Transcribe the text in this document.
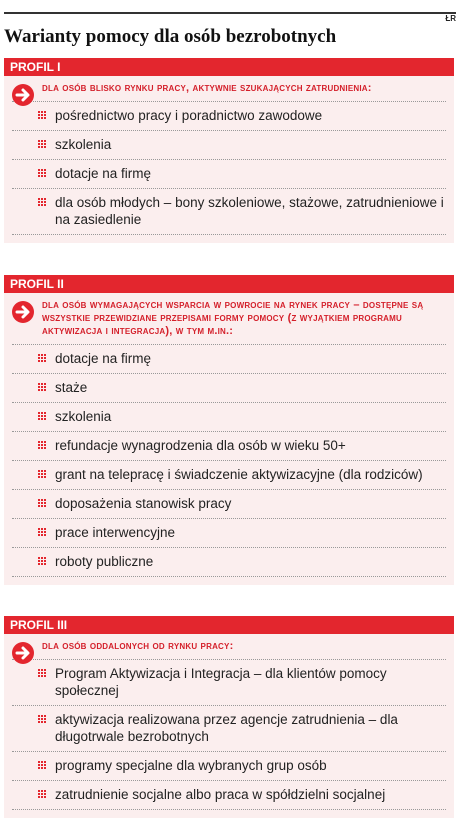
ŁR
Warianty pomocy dla osób bezrobotnych
PROFIL I
dla osób blisko rynku pracy, aktywnie szukających zatrudnienia:
pośrednictwo pracy i poradnictwo zawodowe
szkolenia
dotacje na firmę
dla osób młodych – bony szkoleniowe, stażowe, zatrudnieniowe i na zasiedlenie
PROFIL II
dla osób wymagających wsparcia w powrocie na rynek pracy – dostępne są wszystkie przewidziane przepisami formy pomocy (z wyjątkiem programu aktywizacja i integracja), w tym m.in.:
dotacje na firmę
staże
szkolenia
refundacje wynagrodzenia dla osób w wieku 50+
grant na telepracę i świadczenie aktywizacyjne (dla rodziców)
doposażenia stanowisk pracy
prace interwencyjne
roboty publiczne
PROFIL III
dla osób oddalonych od rynku pracy:
Program Aktywizacja i Integracja – dla klientów pomocy społecznej
aktywizacja realizowana przez agencje zatrudnienia – dla długotrwale bezrobotnych
programy specjalne dla wybranych grup osób
zatrudnienie socjalne albo praca w spółdzielni socjalnej
